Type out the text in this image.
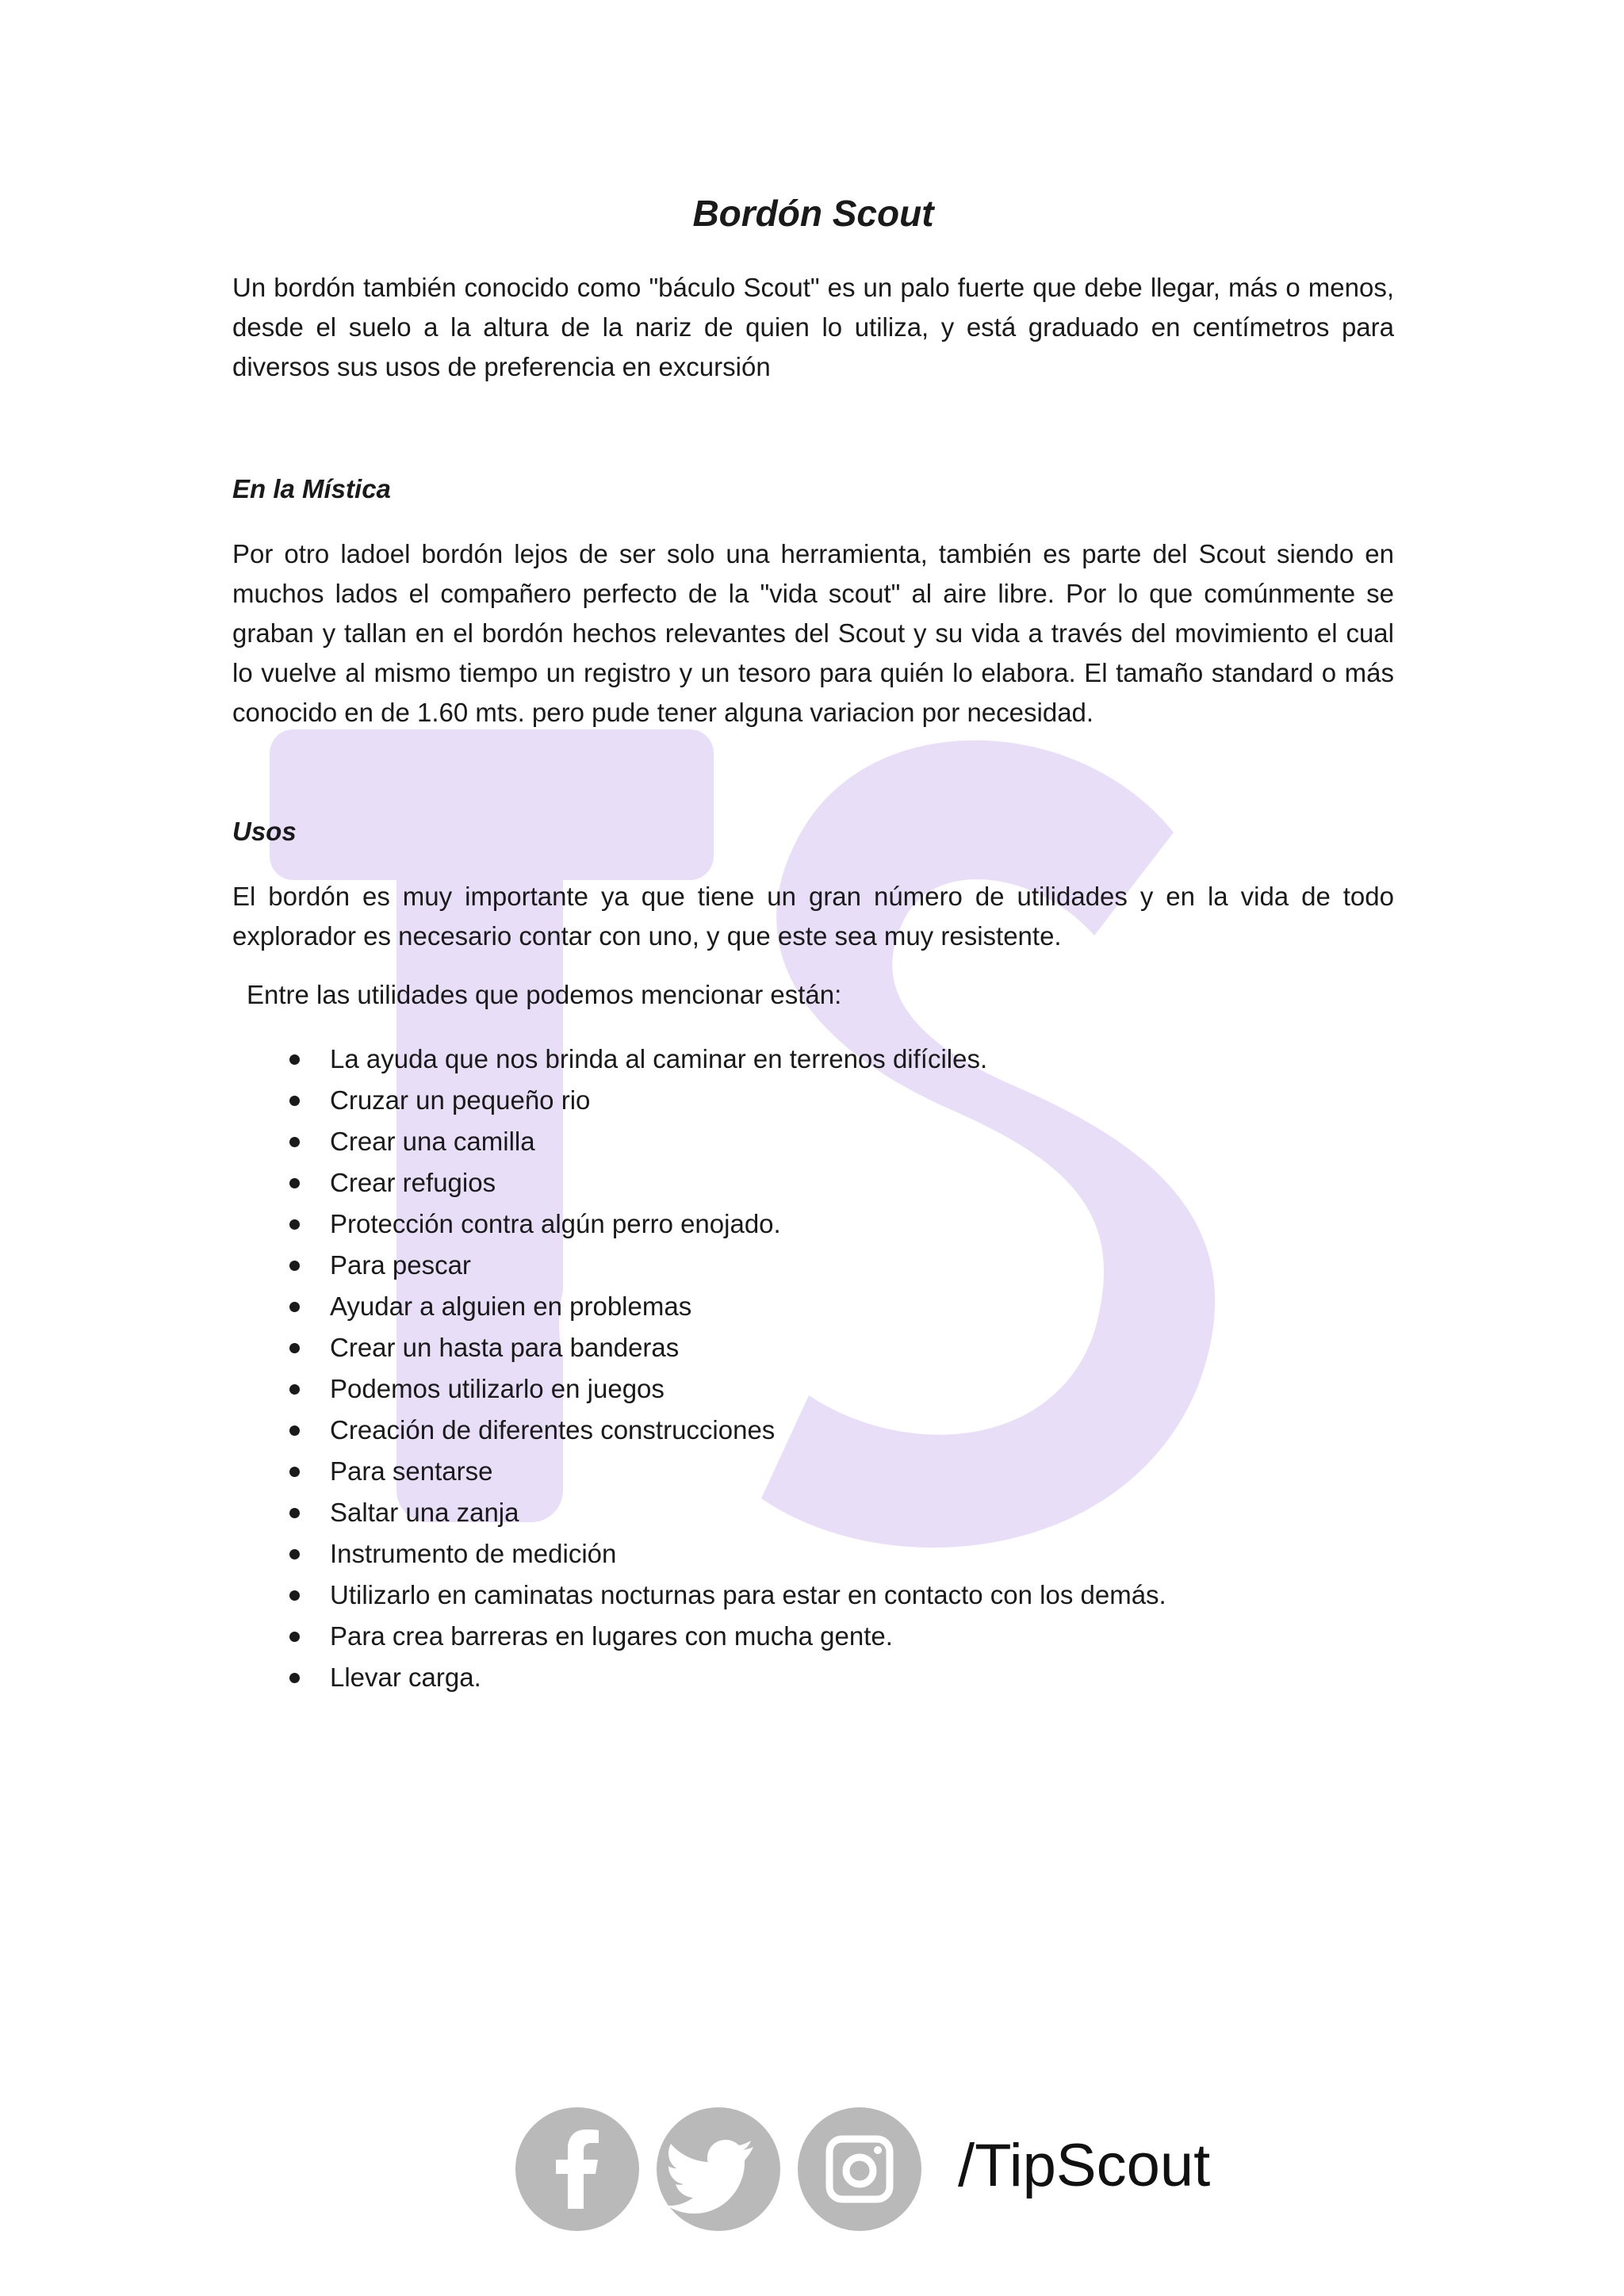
Bordón Scout

Un bordón también conocido como "báculo Scout" es un palo fuerte que debe llegar, más o menos, desde el suelo a la altura de la nariz de quien lo utiliza, y está graduado en centímetros para diversos sus usos de preferencia en excursión

En la Mística

Por otro ladoel bordón lejos de ser solo una herramienta, también es parte del Scout siendo en muchos lados el compañero perfecto de la "vida scout" al aire libre. Por lo que comúnmente se graban y tallan en el bordón hechos relevantes del Scout y su vida a través del movimiento el cual lo vuelve al mismo tiempo un registro y un tesoro para quién lo elabora. El tamaño standard o más conocido en de 1.60 mts. pero pude tener alguna variacion por necesidad.

Usos

El bordón es muy importante ya que tiene un gran número de utilidades y en la vida de todo explorador es necesario contar con uno, y que este sea muy resistente.

Entre las utilidades que podemos mencionar están:

La ayuda que nos brinda al caminar en terrenos difíciles.
Cruzar un pequeño rio
Crear una camilla
Crear refugios
Protección contra algún perro enojado.
Para pescar
Ayudar a alguien en problemas
Crear un hasta para banderas
Podemos utilizarlo en juegos
Creación de diferentes construcciones
Para sentarse
Saltar una zanja
Instrumento de medición
Utilizarlo en caminatas nocturnas para estar en contacto con los demás.
Para crea barreras en lugares con mucha gente.
Llevar carga.
/TipScout
